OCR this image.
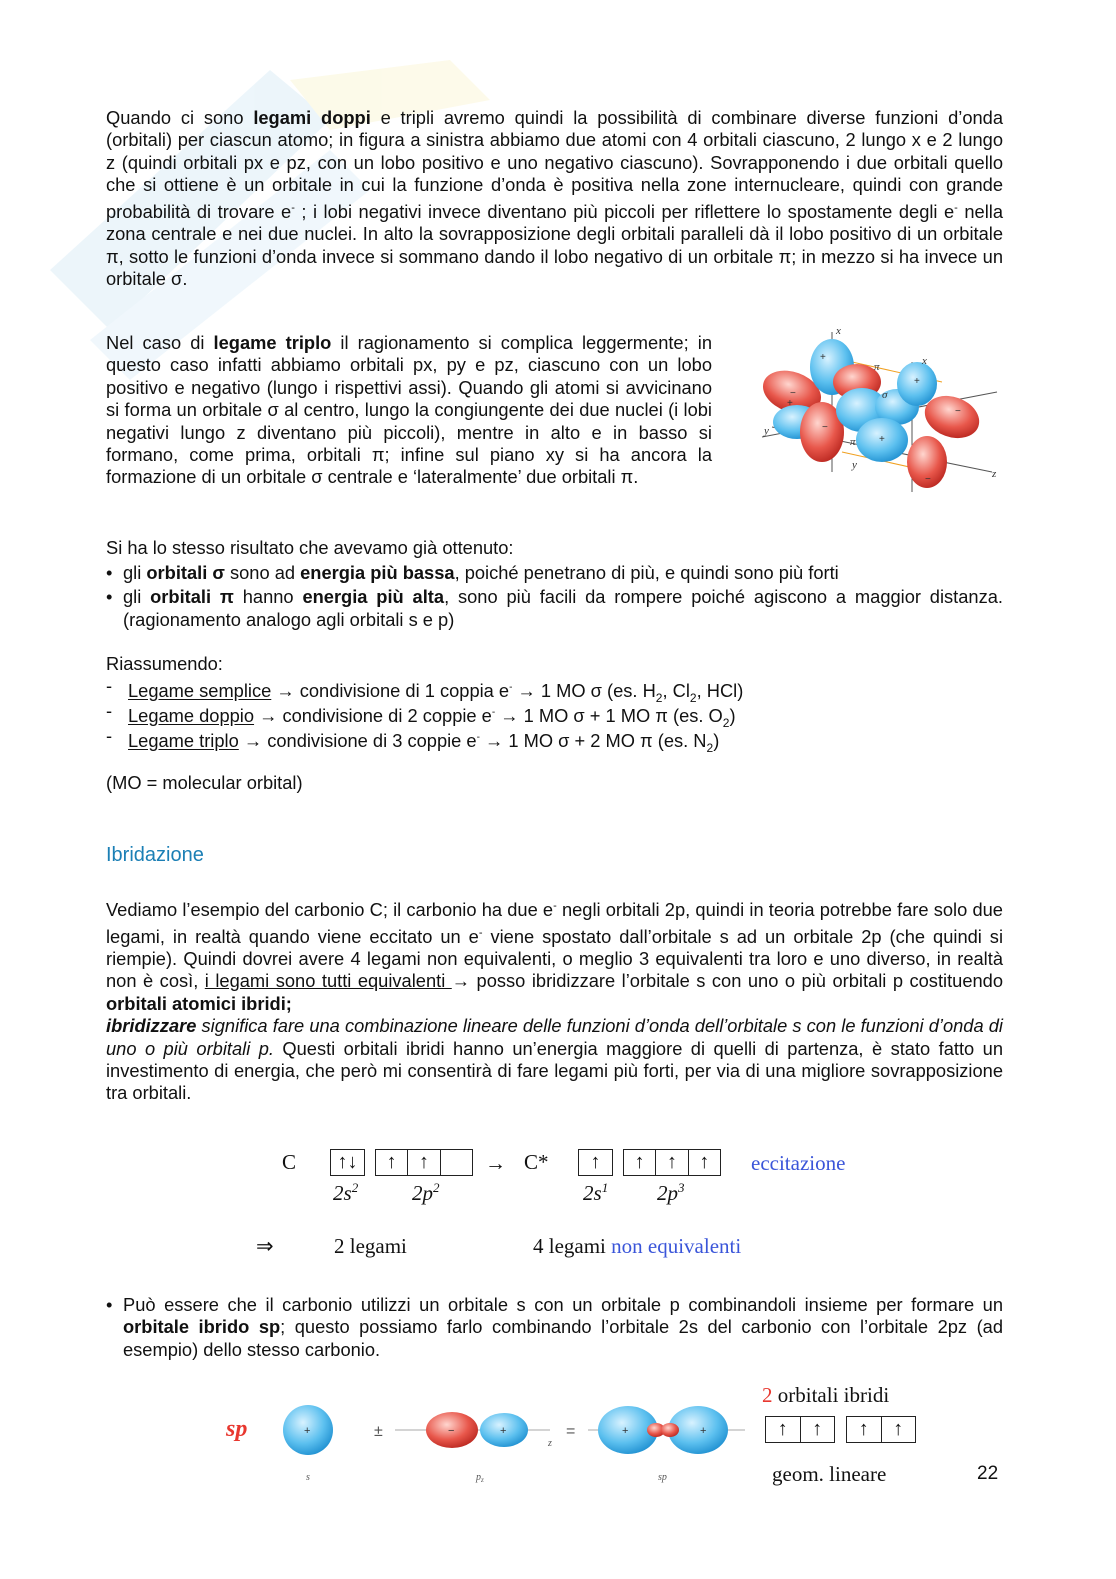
Quando ci sono legami doppi e tripli avremo quindi la possibilità di combinare diverse funzioni d’onda (orbitali) per ciascun atomo; in figura a sinistra abbiamo due atomi con 4 orbitali ciascuno, 2 lungo x e 2 lungo z (quindi orbitali px e pz, con un lobo positivo e uno negativo ciascuno). Sovrapponendo i due orbitali quello che si ottiene è un orbitale in cui la funzione d’onda è positiva nella zone internucleare, quindi con grande probabilità di trovare e- ; i lobi negativi invece diventano più piccoli per riflettere lo spostamente degli e- nella zona centrale e nei due nuclei. In alto la sovrapposizione degli orbitali paralleli dà il lobo positivo di un orbitale π, sotto le funzioni d’onda invece si sommano dando il lobo negativo di un orbitale π; in mezzo si ha invece un orbitale σ.
Nel caso di legame triplo il ragionamento si complica leggermente; in questo caso infatti abbiamo orbitali px, py e pz, ciascuno con un lobo positivo e negativo (lungo i rispettivi assi). Quando gli atomi si avvicinano si forma un orbitale σ al centro, lungo la congiungente dei due nuclei (i lobi negativi lungo z diventano più piccoli), mentre in alto e in basso si formano, come prima, orbitali π; infine sul piano xy si ha ancora la formazione di un orbitale σ centrale e ‘lateralmente’ due orbitali π.
x
x
y
y
z
π
π
σ
+
−
+
−
+
−
+
−
Si ha lo stesso risultato che avevamo già ottenuto:
• gli orbitali σ sono ad energia più bassa, poiché penetrano di più, e quindi sono più forti
• gli orbitali π hanno energia più alta, sono più facili da rompere poiché agiscono a maggior distanza. (ragionamento analogo agli orbitali s e p)
Riassumendo:
- Legame semplice → condivisione di 1 coppia e- → 1 MO σ (es. $H_2$, $Cl_2$, HCl)
- Legame doppio → condivisione di 2 coppie e- → 1 MO σ + 1 MO π (es. $O_2$)
- Legame triplo → condivisione di 3 coppie e- → 1 MO σ + 2 MO π (es. $N_2$)
(MO = molecular orbital)
Ibridazione
Vediamo l’esempio del carbonio C; il carbonio ha due e- negli orbitali 2p, quindi in teoria potrebbe fare solo due legami, in realtà quando viene eccitato un e- viene spostato dall’orbitale s ad un orbitale 2p (che quindi si riempie). Quindi dovrei avere 4 legami non equivalenti, o meglio 3 equivalenti tra loro e uno diverso, in realtà non è così, i legami sono tutti equivalenti → posso ibridizzare l’orbitale s con uno o più orbitali p costituendo orbitali atomici ibridi;
ibridizzare significa fare una combinazione lineare delle funzioni d’onda dell’orbitale s con le funzioni d’onda di uno o più orbitali p. Questi orbitali ibridi hanno un’energia maggiore di quelli di partenza, è stato fatto un investimento di energia, che però mi consentirà di fare legami più forti, per via di una migliore sovrapposizione tra orbitali.
C	↑↓	↑	↑
$2s^2$	$2p^2$
→ C*	↑	↑	↑	↑
$2s^1$ $2p^3$
eccitazione
⇒	2 legami	4 legami non equivalenti
• Può essere che il carbonio utilizzi un orbitale s con un orbitale p combinandoli insieme per formare un orbitale ibrido sp; questo possiamo farlo combinando l’orbitale 2s del carbonio con l’orbitale 2pz (ad esempio) dello stesso carbonio.
sp	+
s
±	−	+
$p_z$
z
=	+	+
sp
2 orbitali ibridi
↑	↑	↑	↑
geom. lineare	22
